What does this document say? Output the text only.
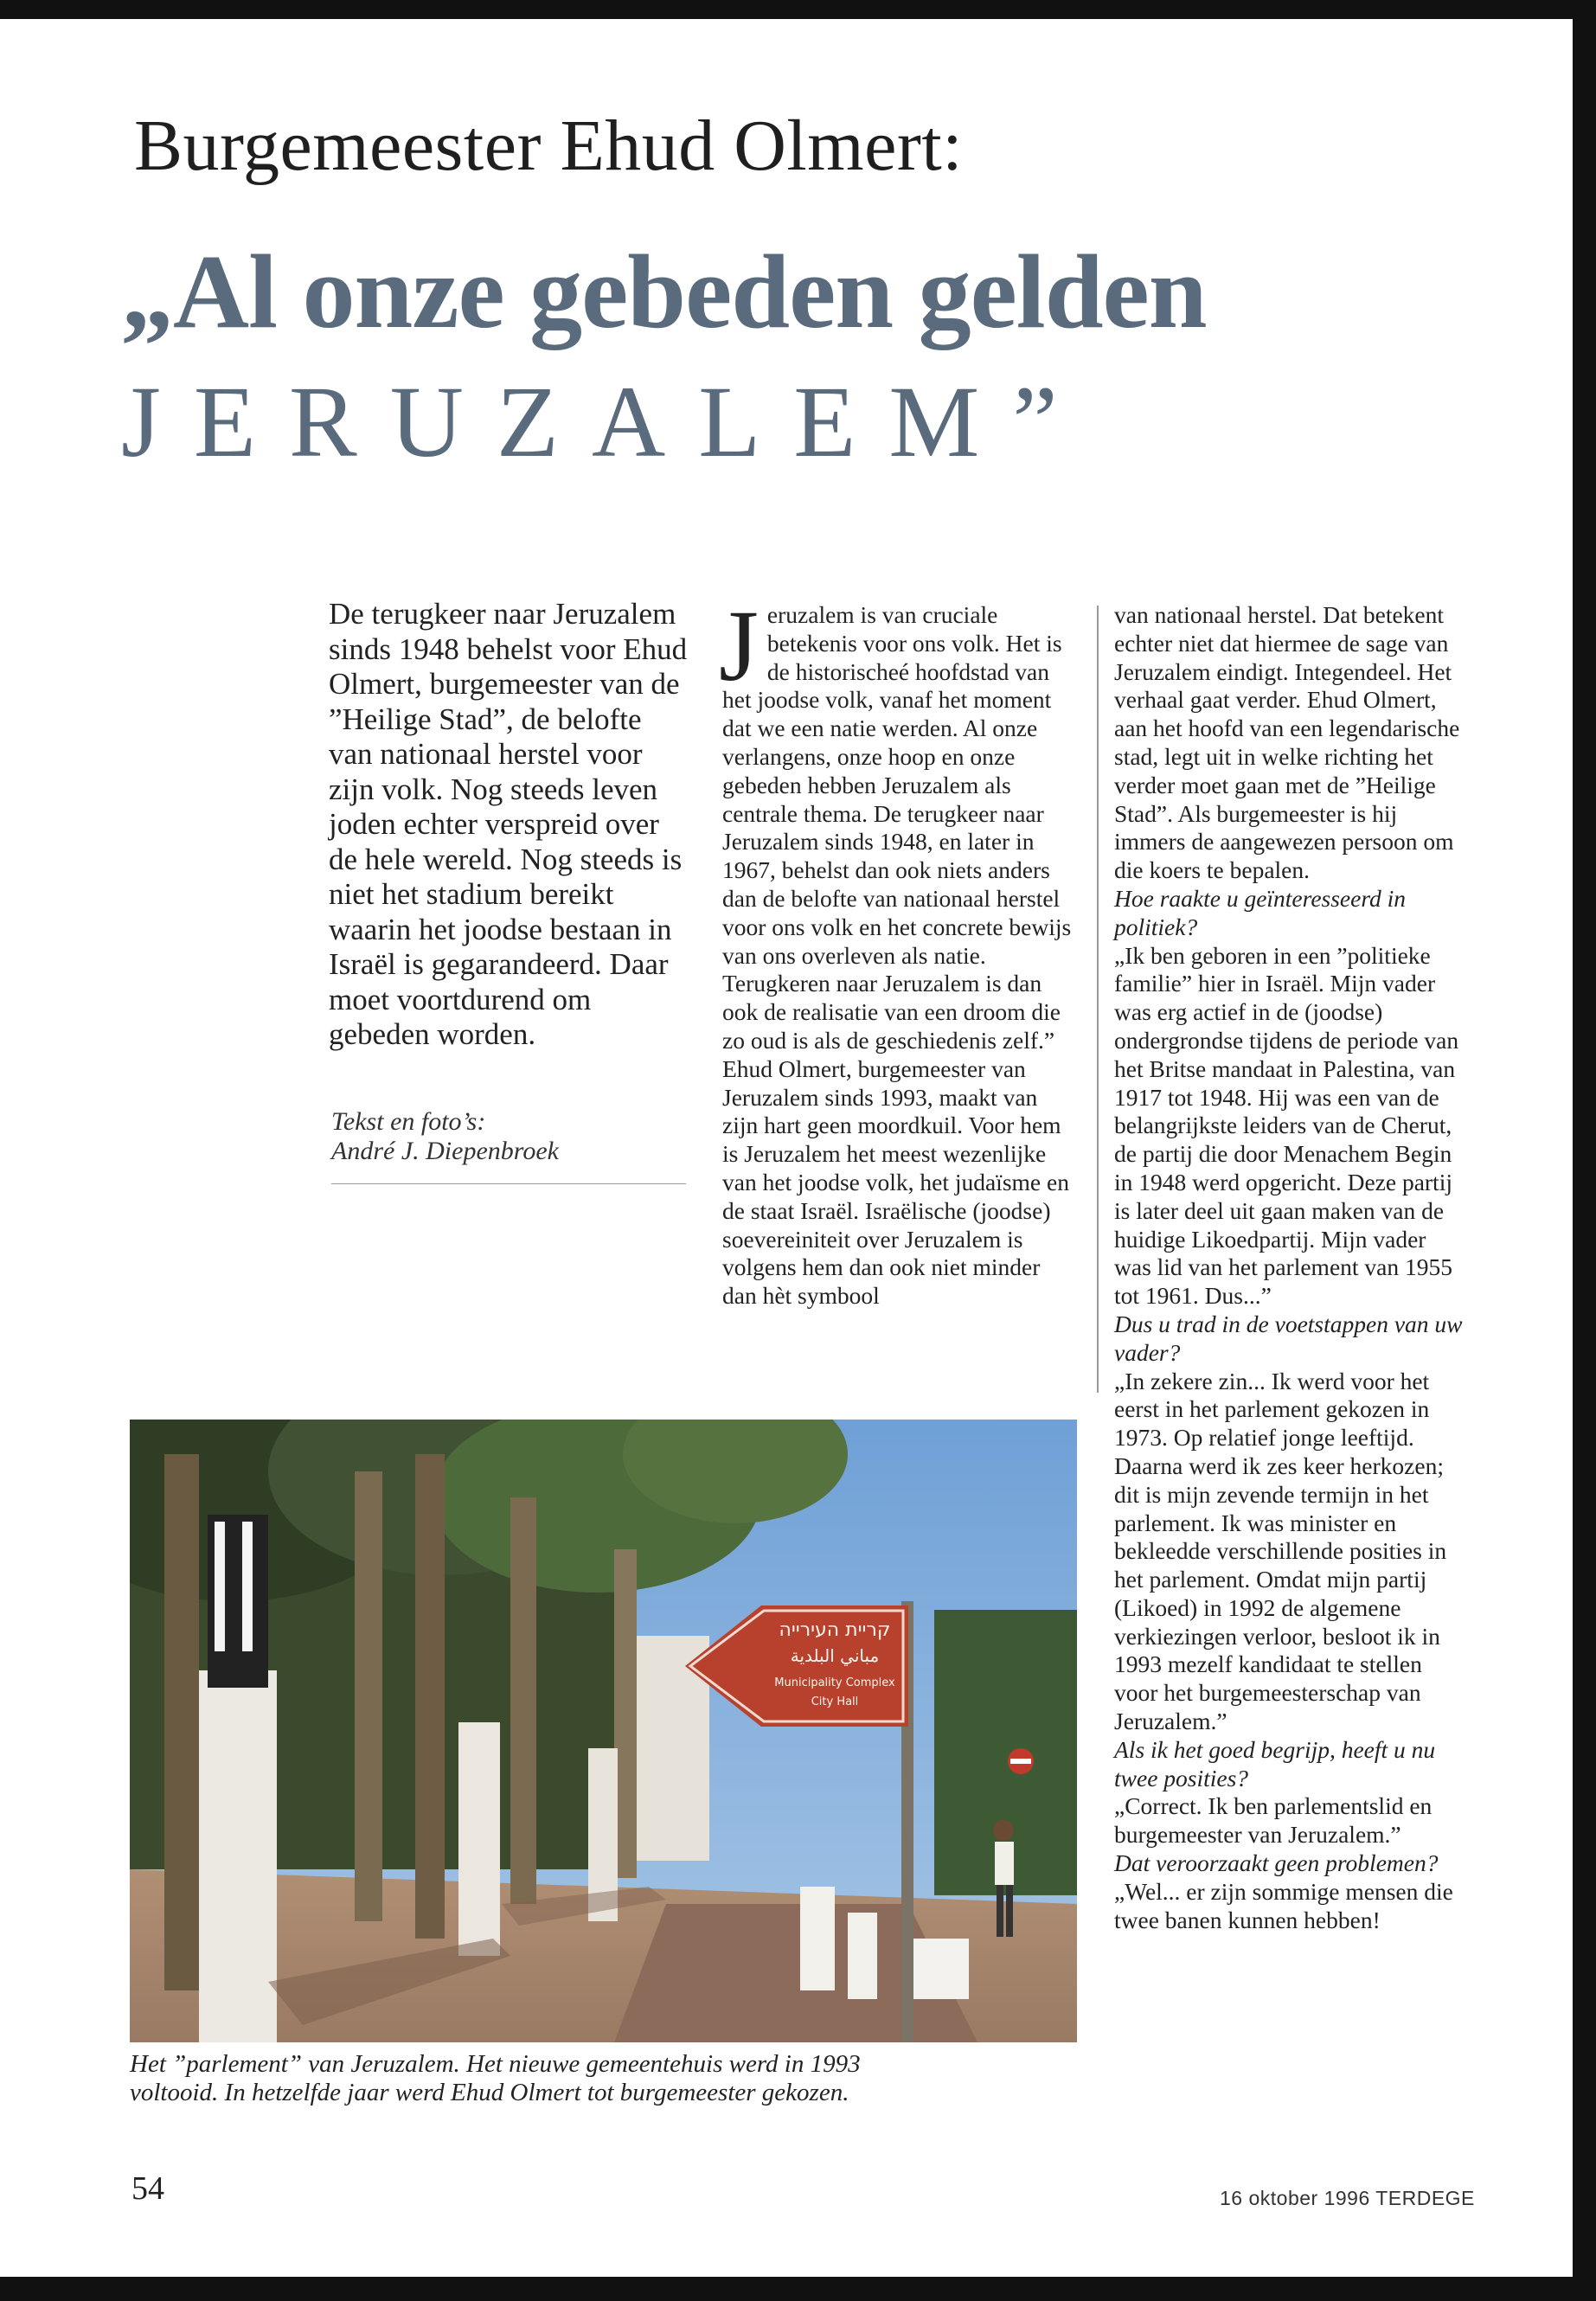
Burgemeester Ehud Olmert:
„Al onze gebeden gelden
JERUZALEM”
De terugkeer naar Jeruzalem sinds 1948 behelst voor Ehud Olmert, burgemeester van de ”Heilige Stad”, de belofte van nationaal herstel voor zijn volk. Nog steeds leven joden echter verspreid over de hele wereld. Nog steeds is niet het stadium bereikt waarin het joodse bestaan in Israël is gegarandeerd. Daar moet voortdurend om gebeden worden.
Tekst en foto’s:
André J. Diepenbroek
J eruzalem is van cruciale betekenis voor ons volk. Het is de historischeé hoofdstad van het joodse volk, vanaf het moment dat we een natie werden. Al onze verlangens, onze hoop en onze gebeden hebben Jeruzalem als centrale thema. De terugkeer naar Jeruzalem sinds 1948, en later in 1967, behelst dan ook niets anders dan de belofte van nationaal herstel voor ons volk en het concrete bewijs van ons overleven als natie. Terugkeren naar Jeruzalem is dan ook de realisatie van een droom die zo oud is als de geschiedenis zelf.”
Ehud Olmert, burgemeester van Jeruzalem sinds 1993, maakt van zijn hart geen moordkuil. Voor hem is Jeruzalem het meest wezenlijke van het joodse volk, het judaïsme en de staat Israël. Israëlische (joodse) soevereiniteit over Jeruzalem is volgens hem dan ook niet minder dan hèt symbool
van nationaal herstel. Dat betekent echter niet dat hiermee de sage van Jeruzalem eindigt. Integendeel. Het verhaal gaat verder. Ehud Olmert, aan het hoofd van een legendarische stad, legt uit in welke richting het verder moet gaan met de ”Heilige Stad”. Als burgemeester is hij immers de aangewezen persoon om die koers te bepalen.
Hoe raakte u geïnteresseerd in politiek?
„Ik ben geboren in een ”politieke familie” hier in Israël. Mijn vader was erg actief in de (joodse) ondergrondse tijdens de periode van het Britse mandaat in Palestina, van 1917 tot 1948. Hij was een van de belangrijkste leiders van de Cherut, de partij die door Menachem Begin in 1948 werd opgericht. Deze partij is later deel uit gaan maken van de huidige Likoedpartij. Mijn vader was lid van het parlement van 1955 tot 1961. Dus...”
Dus u trad in de voetstappen van uw vader?
„In zekere zin... Ik werd voor het eerst in het parlement gekozen in 1973. Op relatief jonge leeftijd. Daarna werd ik zes keer herkozen; dit is mijn zevende termijn in het parlement. Ik was minister en bekleedde verschillende posities in het parlement. Omdat mijn partij (Likoed) in 1992 de algemene verkiezingen verloor, besloot ik in 1993 mezelf kandidaat te stellen voor het burgemeesterschap van Jeruzalem.”
Als ik het goed begrijp, heeft u nu twee posities?
„Correct. Ik ben parlementslid en burgemeester van Jeruzalem.”
Dat veroorzaakt geen problemen?
„Wel... er zijn sommige mensen die twee banen kunnen hebben!
קריית העירייה
مباني البلدية
Municipality Complex
City Hall
Het ”parlement” van Jeruzalem. Het nieuwe gemeentehuis werd in 1993 voltooid. In hetzelfde jaar werd Ehud Olmert tot burgemeester gekozen.
54	16 oktober 1996 TERDEGE
